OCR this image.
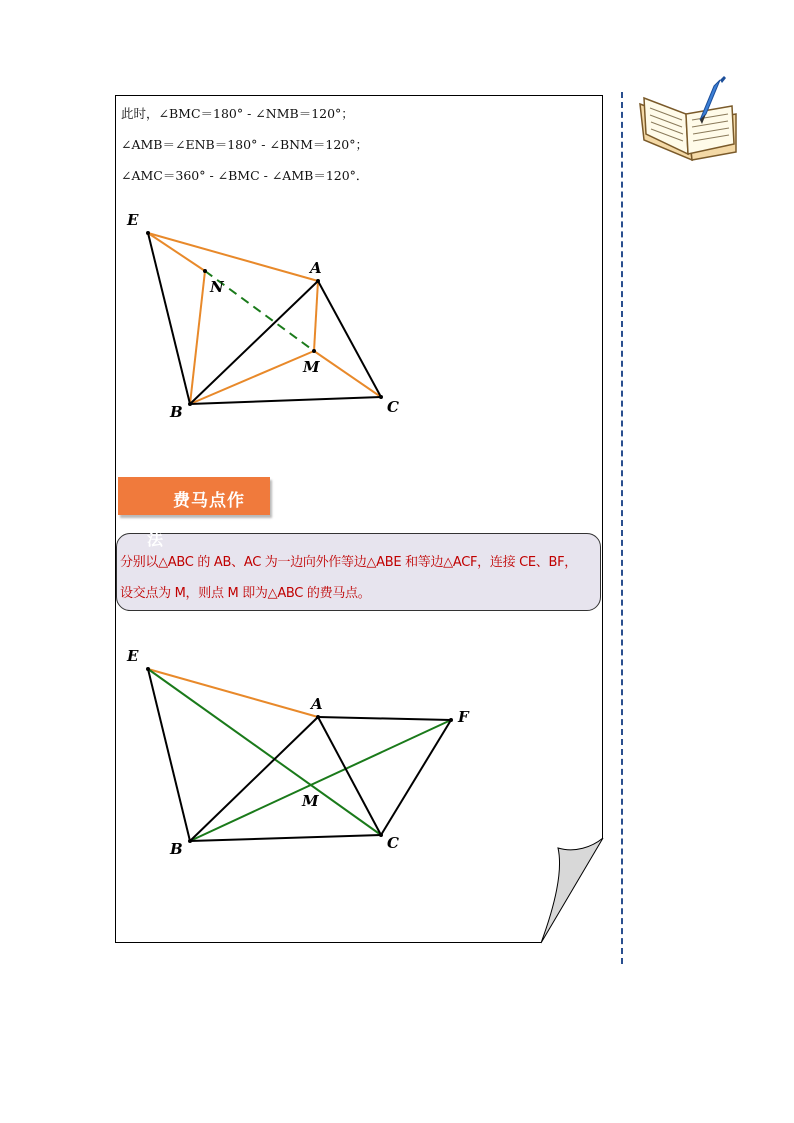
此时，∠BMC＝180° - ∠NMB＝120°；
∠AMB＝∠ENB＝180° - ∠BNM＝120°；
∠AMC＝360° - ∠BMC - ∠AMB＝120°．
E
A
N
M
B	C
费马点作
法
分别以△ABC 的 AB、AC 为一边向外作等边△ABE 和等边△ACF，连接 CE、BF，
设交点为 M，则点 M 即为△ABC 的费马点。
E
A
F
M
B	C
